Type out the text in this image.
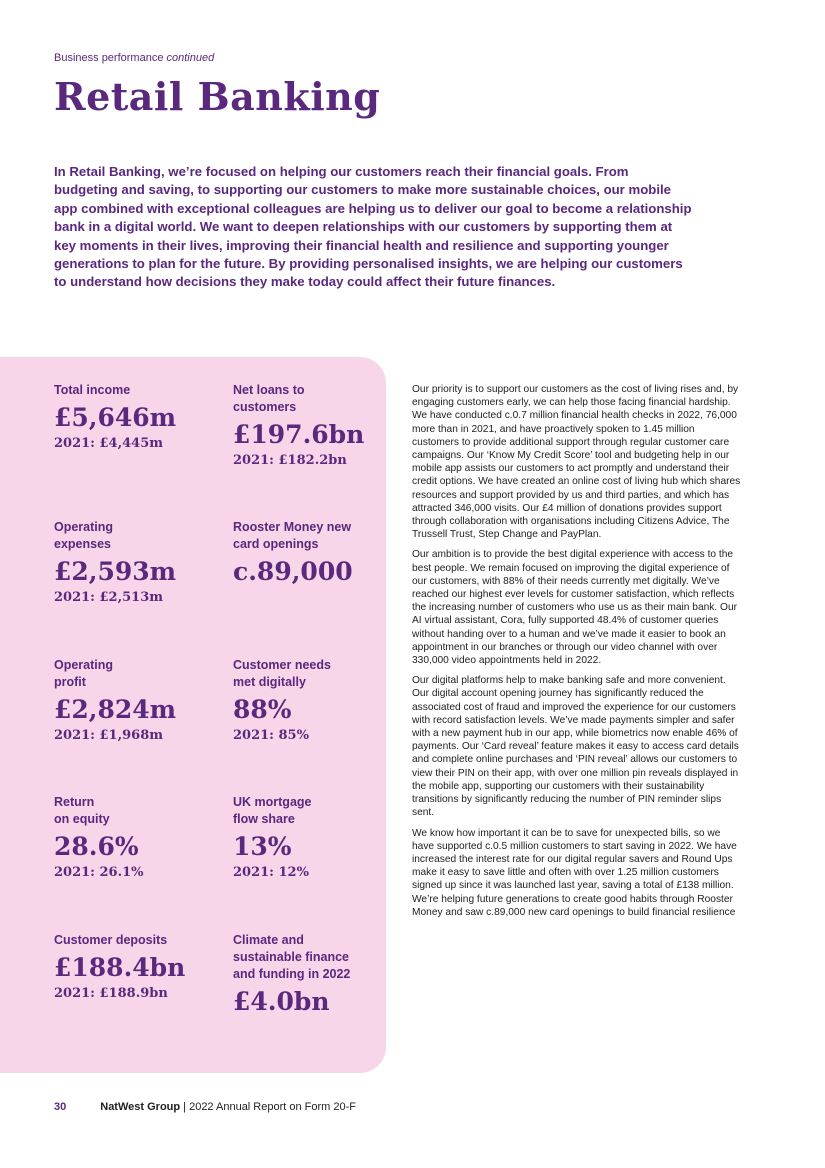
Business performance continued
Retail Banking

In Retail Banking, we’re focused on helping our customers reach their financial goals. From budgeting and saving, to supporting our customers to make more sustainable choices, our mobile app combined with exceptional colleagues are helping us to deliver our goal to become a relationship bank in a digital world. We want to deepen relationships with our customers by supporting them at key moments in their lives, improving their financial health and resilience and supporting younger generations to plan for the future. By providing personalised insights, we are helping our customers to understand how decisions they make today could affect their future finances.

Total income
£5,646m
2021: £4,445m
Net loans to
customers
£197.6bn
2021: £182.2bn
Operating
expenses
£2,593m
2021: £2,513m
Rooster Money new
card openings
c.89,000
Operating
profit
£2,824m
2021: £1,968m
Customer needs
met digitally
88%
2021: 85%
Return
on equity
28.6%
2021: 26.1%
UK mortgage
flow share
13%
2021: 12%
Customer deposits
£188.4bn
2021: £188.9bn
Climate and
sustainable finance
and funding in 2022
£4.0bn

Our priority is to support our customers as the cost of living rises and, by engaging customers early, we can help those facing financial hardship. We have conducted c.0.7 million financial health checks in 2022, 76,000 more than in 2021, and have proactively spoken to 1.45 million customers to provide additional support through regular customer care campaigns. Our ‘Know My Credit Score’ tool and budgeting help in our mobile app assists our customers to act promptly and understand their credit options. We have created an online cost of living hub which shares resources and support provided by us and third parties, and which has attracted 346,000 visits. Our £4 million of donations provides support through collaboration with organisations including Citizens Advice, The Trussell Trust, Step Change and PayPlan.

Our ambition is to provide the best digital experience with access to the best people. We remain focused on improving the digital experience of our customers, with 88% of their needs currently met digitally. We’ve reached our highest ever levels for customer satisfaction, which reflects the increasing number of customers who use us as their main bank. Our AI virtual assistant, Cora, fully supported 48.4% of customer queries without handing over to a human and we’ve made it easier to book an appointment in our branches or through our video channel with over 330,000 video appointments held in 2022.

Our digital platforms help to make banking safe and more convenient. Our digital account opening journey has significantly reduced the associated cost of fraud and improved the experience for our customers with record satisfaction levels. We’ve made payments simpler and safer with a new payment hub in our app, while biometrics now enable 46% of payments. Our ‘Card reveal’ feature makes it easy to access card details and complete online purchases and ‘PIN reveal’ allows our customers to view their PIN on their app, with over one million pin reveals displayed in the mobile app, supporting our customers with their sustainability transitions by significantly reducing the number of PIN reminder slips sent.

We know how important it can be to save for unexpected bills, so we have supported c.0.5 million customers to start saving in 2022. We have increased the interest rate for our digital regular savers and Round Ups make it easy to save little and often with over 1.25 million customers signed up since it was launched last year, saving a total of £138 million. We’re helping future generations to create good habits through Rooster Money and saw c.89,000 new card openings to build financial resilience

30	NatWest Group | 2022 Annual Report on Form 20-F
